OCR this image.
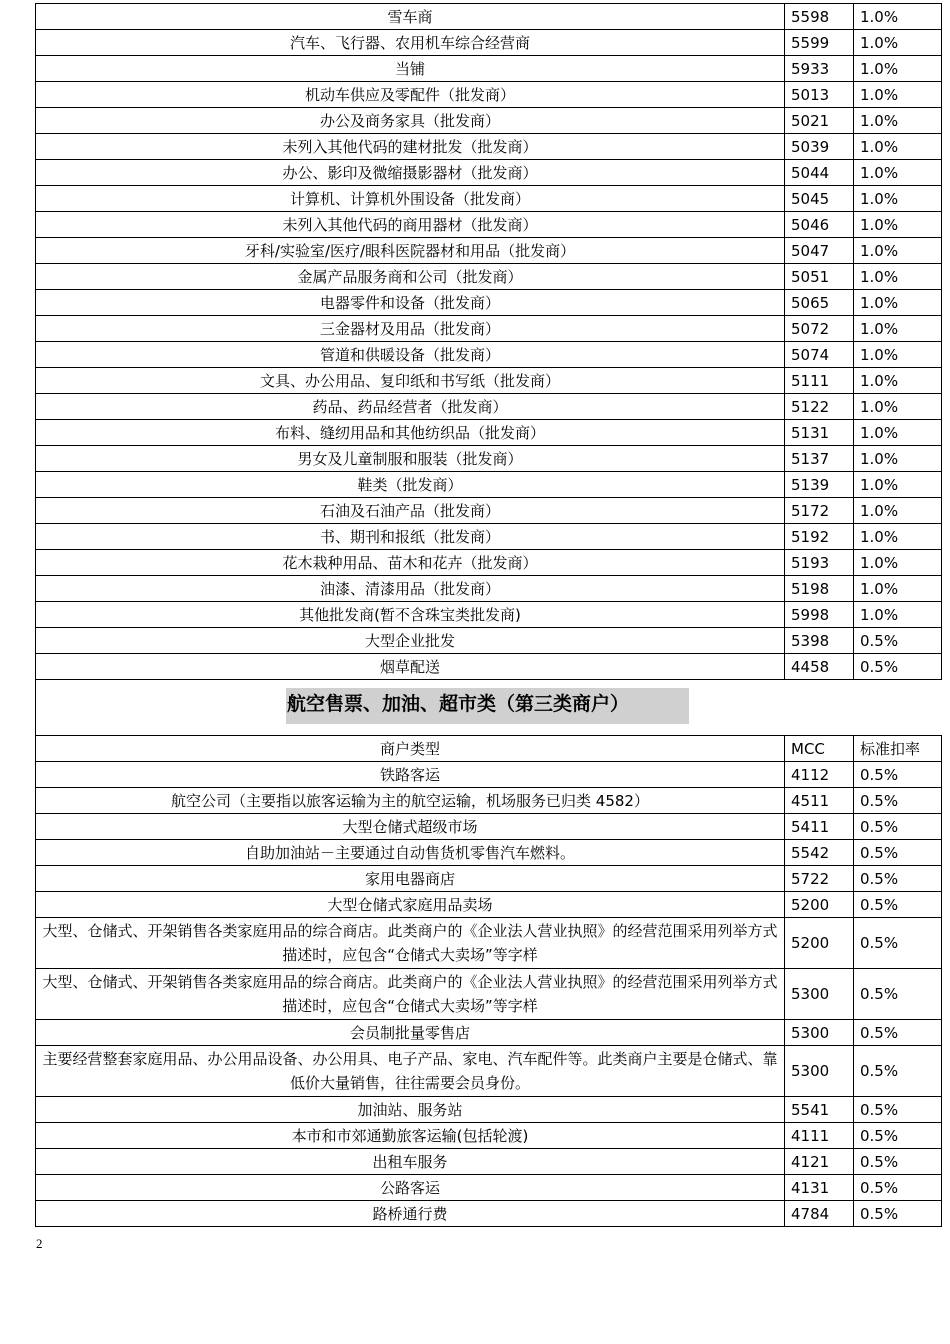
雪车商	5598	1.0%
汽车、飞行器、农用机车综合经营商	5599	1.0%
当铺	5933	1.0%
机动车供应及零配件（批发商）	5013	1.0%
办公及商务家具（批发商）	5021	1.0%
未列入其他代码的建材批发（批发商）	5039	1.0%
办公、影印及微缩摄影器材（批发商）	5044	1.0%
计算机、计算机外围设备（批发商）	5045	1.0%
未列入其他代码的商用器材（批发商）	5046	1.0%
牙科/实验室/医疗/眼科医院器材和用品（批发商）	5047	1.0%
金属产品服务商和公司（批发商）	5051	1.0%
电器零件和设备（批发商）	5065	1.0%
三金器材及用品（批发商）	5072	1.0%
管道和供暖设备（批发商）	5074	1.0%
文具、办公用品、复印纸和书写纸（批发商）	5111	1.0%
药品、药品经营者（批发商）	5122	1.0%
布料、缝纫用品和其他纺织品（批发商）	5131	1.0%
男女及儿童制服和服装（批发商）	5137	1.0%
鞋类（批发商）	5139	1.0%
石油及石油产品（批发商）	5172	1.0%
书、期刊和报纸（批发商）	5192	1.0%
花木栽种用品、苗木和花卉（批发商）	5193	1.0%
油漆、清漆用品（批发商）	5198	1.0%
其他批发商(暂不含珠宝类批发商)	5998	1.0%
大型企业批发	5398	0.5%
烟草配送	4458	0.5%

航空售票、加油、超市类（第三类商户）		

商户类型	MCC	标准扣率
铁路客运	4112	0.5%
航空公司（主要指以旅客运输为主的航空运输，机场服务已归类 4582）	4511	0.5%
大型仓储式超级市场	5411	0.5%
自助加油站－主要通过自动售货机零售汽车燃料。	5542	0.5%
家用电器商店	5722	0.5%
大型仓储式家庭用品卖场	5200	0.5%
大型、仓储式、开架销售各类家庭用品的综合商店。此类商户的《企业法人营业执照》的经营范围采用列举方式描述时，应包含“仓储式大卖场”等字样	5200	0.5%
大型、仓储式、开架销售各类家庭用品的综合商店。此类商户的《企业法人营业执照》的经营范围采用列举方式描述时，应包含“仓储式大卖场”等字样	5300	0.5%
会员制批量零售店	5300	0.5%
主要经营整套家庭用品、办公用品设备、办公用具、电子产品、家电、汽车配件等。此类商户主要是仓储式、靠低价大量销售，往往需要会员身份。	5300	0.5%
加油站、服务站	5541	0.5%
本市和市郊通勤旅客运输(包括轮渡)	4111	0.5%
出租车服务	4121	0.5%
公路客运	4131	0.5%
路桥通行费	4784	0.5%
2
